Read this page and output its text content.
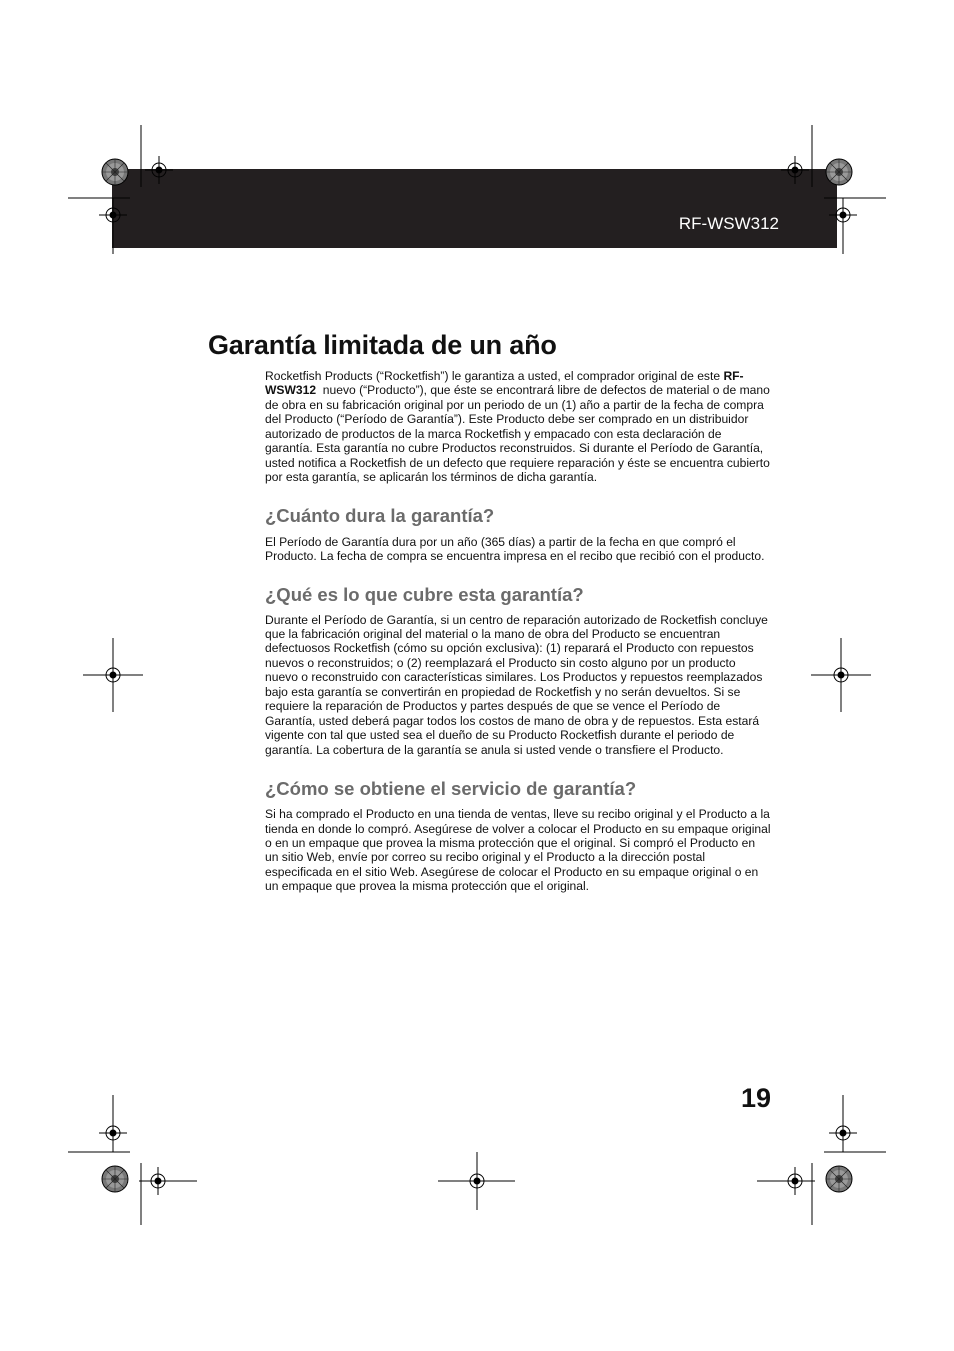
RF-WSW312
Garantía limitada de un año

Rocketfish Products (“Rocketfish”) le garantiza a usted, el comprador original de este RF-WSW312  nuevo (“Producto”), que éste se encontrará libre de defectos de material o de mano de obra en su fabricación original por un periodo de un (1) año a partir de la fecha de compra del Producto (“Período de Garantía”). Este Producto debe ser comprado en un distribuidor autorizado de productos de la marca Rocketfish y empacado con esta declaración de garantía. Esta garantía no cubre Productos reconstruidos. Si durante el Período de Garantía, usted notifica a Rocketfish de un defecto que requiere reparación y éste se encuentra cubierto por esta garantía, se aplicarán los términos de dicha garantía.

¿Cuánto dura la garantía?

El Período de Garantía dura por un año (365 días) a partir de la fecha en que compró el Producto. La fecha de compra se encuentra impresa en el recibo que recibió con el producto.

¿Qué es lo que cubre esta garantía?

Durante el Período de Garantía, si un centro de reparación autorizado de Rocketfish concluye que la fabricación original del material o la mano de obra del Producto se encuentran defectuosos Rocketfish (cómo su opción exclusiva): (1) reparará el Producto con repuestos nuevos o reconstruidos; o (2) reemplazará el Producto sin costo alguno por un producto nuevo o reconstruido con características similares. Los Productos y repuestos reemplazados bajo esta garantía se convertirán en propiedad de Rocketfish y no serán devueltos. Si se requiere la reparación de Productos y partes después de que se vence el Período de Garantía, usted deberá pagar todos los costos de mano de obra y de repuestos. Esta estará vigente con tal que usted sea el dueño de su Producto Rocketfish durante el periodo de garantía. La cobertura de la garantía se anula si usted vende o transfiere el Producto.

¿Cómo se obtiene el servicio de garantía?

Si ha comprado el Producto en una tienda de ventas, lleve su recibo original y el Producto a la tienda en donde lo compró. Asegúrese de volver a colocar el Producto en su empaque original o en un empaque que provea la misma protección que el original. Si compró el Producto en un sitio Web, envíe por correo su recibo original y el Producto a la dirección postal especificada en el sitio Web. Asegúrese de colocar el Producto en su empaque original o en un empaque que provea la misma protección que el original.

19
